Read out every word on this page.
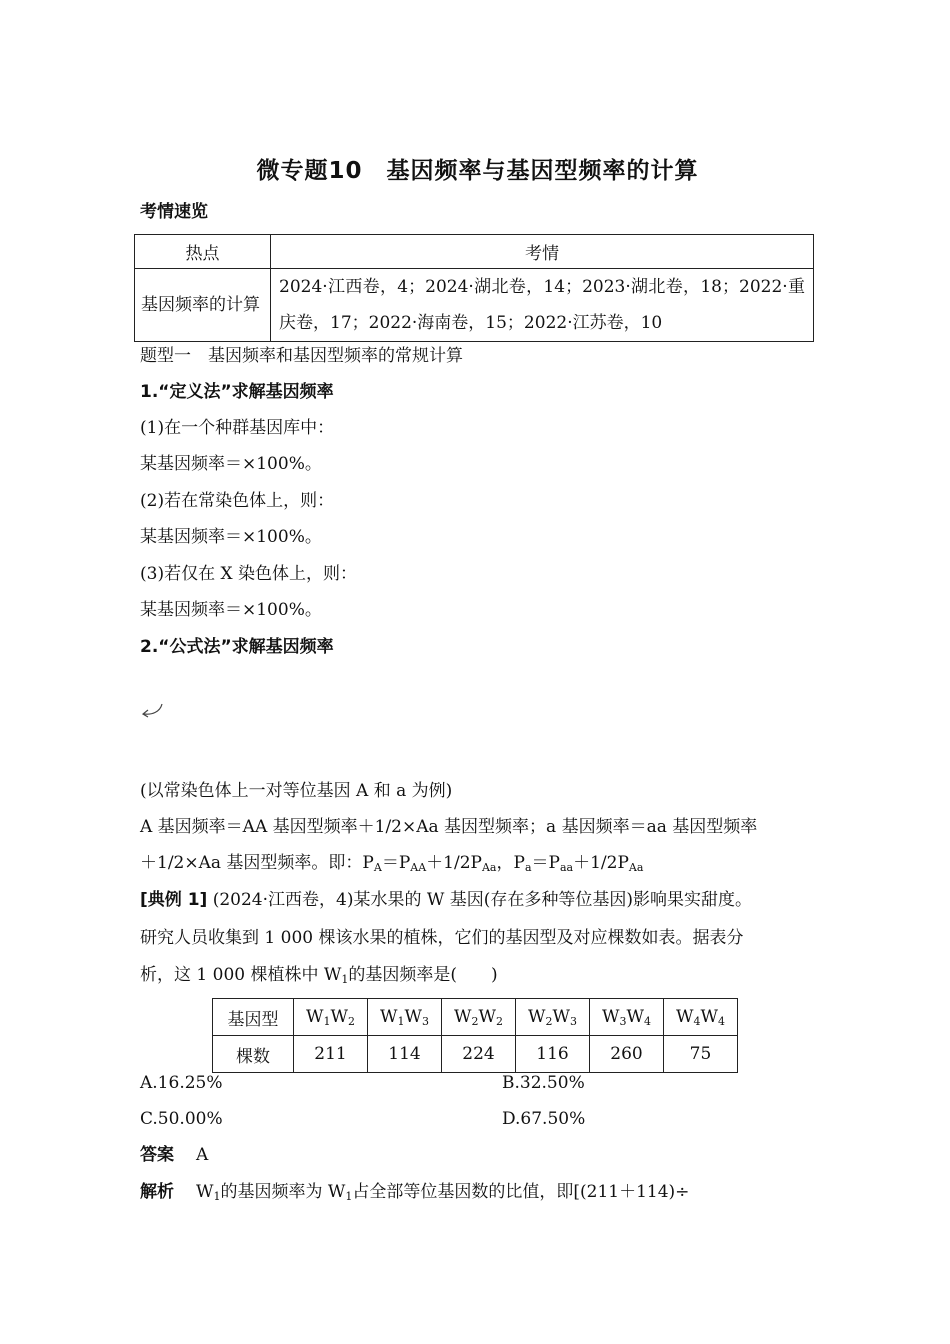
微专题10　基因频率与基因型频率的计算
考情速览
热点	考情
基因频率的计算	2024·江西卷，4；2024·湖北卷，14；2023·湖北卷，18；2022·重庆卷，17；2022·海南卷，15；2022·江苏卷，10
题型一　基因频率和基因型频率的常规计算
1.“定义法”求解基因频率
(1)在一个种群基因库中：
某基因频率＝×100%。
(2)若在常染色体上，则：
某基因频率＝×100%。
(3)若仅在 X 染色体上，则：
某基因频率＝×100%。
2.“公式法”求解基因频率
(以常染色体上一对等位基因 A 和 a 为例)
A 基因频率＝AA 基因型频率＋1/2×Aa 基因型频率；a 基因频率＝aa 基因型频率
＋1/2×Aa 基因型频率。即：$P_A=P_{AA}+1/2P_{Aa}$，$P_a=P_{aa}+1/2P_{Aa}$
[典例 1] (2024·江西卷，4)某水果的 W 基因(存在多种等位基因)影响果实甜度。
研究人员收集到 1 000 棵该水果的植株，它们的基因型及对应棵数如表。据表分
析，这 1 000 棵植株中 $W_1$的基因频率是(　　)
基因型	$W_1W_2$	$W_1W_3$	$W_2W_2$	$W_2W_3$	$W_3W_4$	$W_4W_4$
棵数	211	114	224	116	260	75
A.16.25%	B.32.50%
C.50.00%	D.67.50%
答案 A
解析 $W_1$的基因频率为 $W_1$占全部等位基因数的比值，即[(211＋114)÷
